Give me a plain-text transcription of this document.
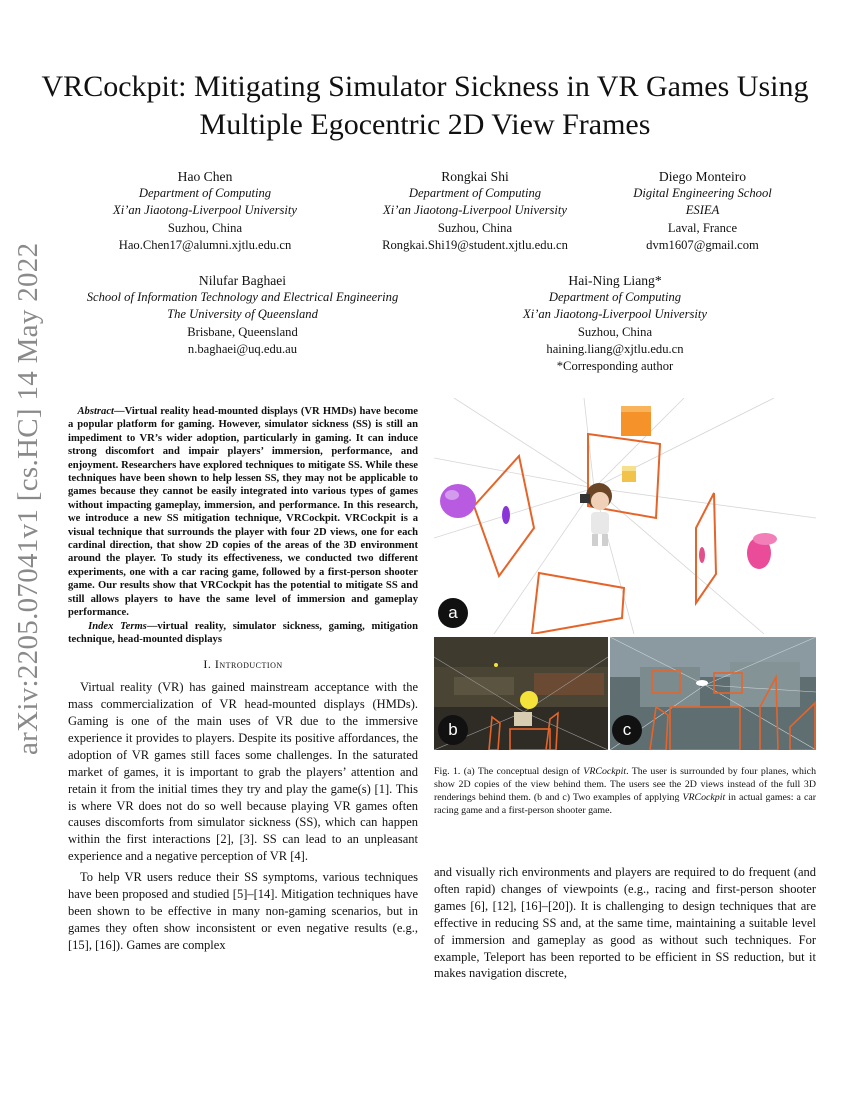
VRCockpit: Mitigating Simulator Sickness in VR Games Using Multiple Egocentric 2D View Frames
Hao Chen
Department of Computing
Xi’an Jiaotong-Liverpool University
Suzhou, China
Hao.Chen17@alumni.xjtlu.edu.cn
Rongkai Shi
Department of Computing
Xi’an Jiaotong-Liverpool University
Suzhou, China
Rongkai.Shi19@student.xjtlu.edu.cn
Diego Monteiro
Digital Engineering School
ESIEA
Laval, France
dvm1607@gmail.com
Nilufar Baghaei
School of Information Technology and Electrical Engineering
The University of Queensland
Brisbane, Queensland
n.baghaei@uq.edu.au
Hai-Ning Liang*
Department of Computing
Xi’an Jiaotong-Liverpool University
Suzhou, China
haining.liang@xjtlu.edu.cn
*Corresponding author
arXiv:2205.07041v1 [cs.HC] 14 May 2022	Abstract—Virtual reality head-mounted displays (VR HMDs) have become a popular platform for gaming. However, simulator sickness (SS) is still an impediment to VR’s wider adoption, particularly in gaming. It can induce strong discomfort and impair players’ immersion, performance, and enjoyment. Researchers have explored techniques to mitigate SS. While these techniques have been shown to help lessen SS, they may not be applicable to games because they cannot be easily integrated into various types of games without impacting gameplay, immersion, and performance. In this research, we introduce a new SS mitigation technique, VRCockpit. VRCockpit is a visual technique that surrounds the player with four 2D views, one for each cardinal direction, that show 2D copies of the areas of the 3D environment around the player. To study its effectiveness, we conducted two different experiments, one with a car racing game, followed by a first-person shooter game. Our results show that VRCockpit has the potential to mitigate SS and still allows players to have the same level of immersion and gameplay performance.
Index Terms—virtual reality, simulator sickness, gaming, mitigation technique, head-mounted displays
I. Introduction

Virtual reality (VR) has gained mainstream acceptance with the mass commercialization of VR head-mounted displays (HMDs). Gaming is one of the main uses of VR due to the immersive experience it provides to players. Despite its positive affordances, the adoption of VR games still faces some challenges. In the saturated market of games, it is important to grab the players’ attention and retain it from the initial times they try and play the game(s) [1]. This is where VR does not do so well because playing VR games often causes discomforts from simulator sickness (SS), which can happen within the first interactions [2], [3]. SS can lead to an unpleasant experience and a negative perception of VR [4].

To help VR users reduce their SS symptoms, various techniques have been proposed and studied [5]–[14]. Mitigation techniques have been shown to be effective in many non-gaming scenarios, but in games they often show inconsistent or even negative results (e.g., [15], [16]). Games are complex

a
b	c
Fig. 1. (a) The conceptual design of VRCockpit. The user is surrounded by four planes, which show 2D copies of the view behind them. The users see the 2D views instead of the full 3D renderings behind them. (b and c) Two examples of applying VRCockpit in actual games: a car racing game and a first-person shooter game.

and visually rich environments and players are required to do frequent (and often rapid) changes of viewpoints (e.g., racing and first-person shooter games [6], [12], [16]–[20]). It is challenging to design techniques that are effective in reducing SS and, at the same time, maintaining a suitable level of immersion and gameplay as good as without such techniques. For example, Teleport has been reported to be efficient in SS reduction, but it makes navigation discrete,
